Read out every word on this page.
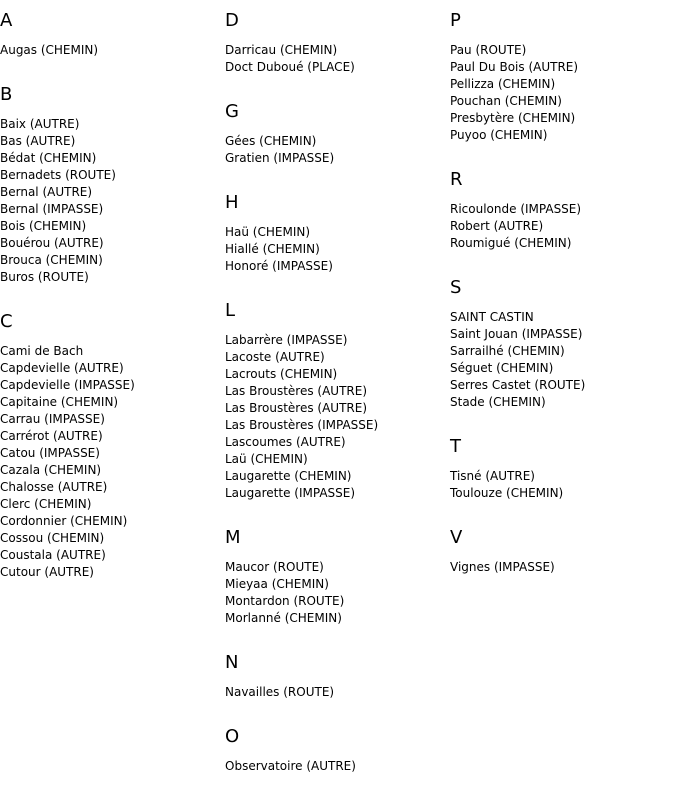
A
Augas (CHEMIN)
B
Baix (AUTRE)
Bas (AUTRE)
Bédat (CHEMIN)
Bernadets (ROUTE)
Bernal (AUTRE)
Bernal (IMPASSE)
Bois (CHEMIN)
Bouérou (AUTRE)
Brouca (CHEMIN)
Buros (ROUTE)
C
Cami de Bach
Capdevielle (AUTRE)
Capdevielle (IMPASSE)
Capitaine (CHEMIN)
Carrau (IMPASSE)
Carrérot (AUTRE)
Catou (IMPASSE)
Cazala (CHEMIN)
Chalosse (AUTRE)
Clerc (CHEMIN)
Cordonnier (CHEMIN)
Cossou (CHEMIN)
Coustala (AUTRE)
Cutour (AUTRE)
D
Darricau (CHEMIN)
Doct Duboué (PLACE)
G
Gées (CHEMIN)
Gratien (IMPASSE)
H
Haü (CHEMIN)
Hiallé (CHEMIN)
Honoré (IMPASSE)
L
Labarrère (IMPASSE)
Lacoste (AUTRE)
Lacrouts (CHEMIN)
Las Broustères (AUTRE)
Las Broustères (AUTRE)
Las Broustères (IMPASSE)
Lascoumes (AUTRE)
Laü (CHEMIN)
Laugarette (CHEMIN)
Laugarette (IMPASSE)
M
Maucor (ROUTE)
Mieyaa (CHEMIN)
Montardon (ROUTE)
Morlanné (CHEMIN)
N
Navailles (ROUTE)
O
Observatoire (AUTRE)
P
Pau (ROUTE)
Paul Du Bois (AUTRE)
Pellizza (CHEMIN)
Pouchan (CHEMIN)
Presbytère (CHEMIN)
Puyoo (CHEMIN)
R
Ricoulonde (IMPASSE)
Robert (AUTRE)
Roumigué (CHEMIN)
S
SAINT CASTIN
Saint Jouan (IMPASSE)
Sarrailhé (CHEMIN)
Séguet (CHEMIN)
Serres Castet (ROUTE)
Stade (CHEMIN)
T
Tisné (AUTRE)
Toulouze (CHEMIN)
V
Vignes (IMPASSE)
